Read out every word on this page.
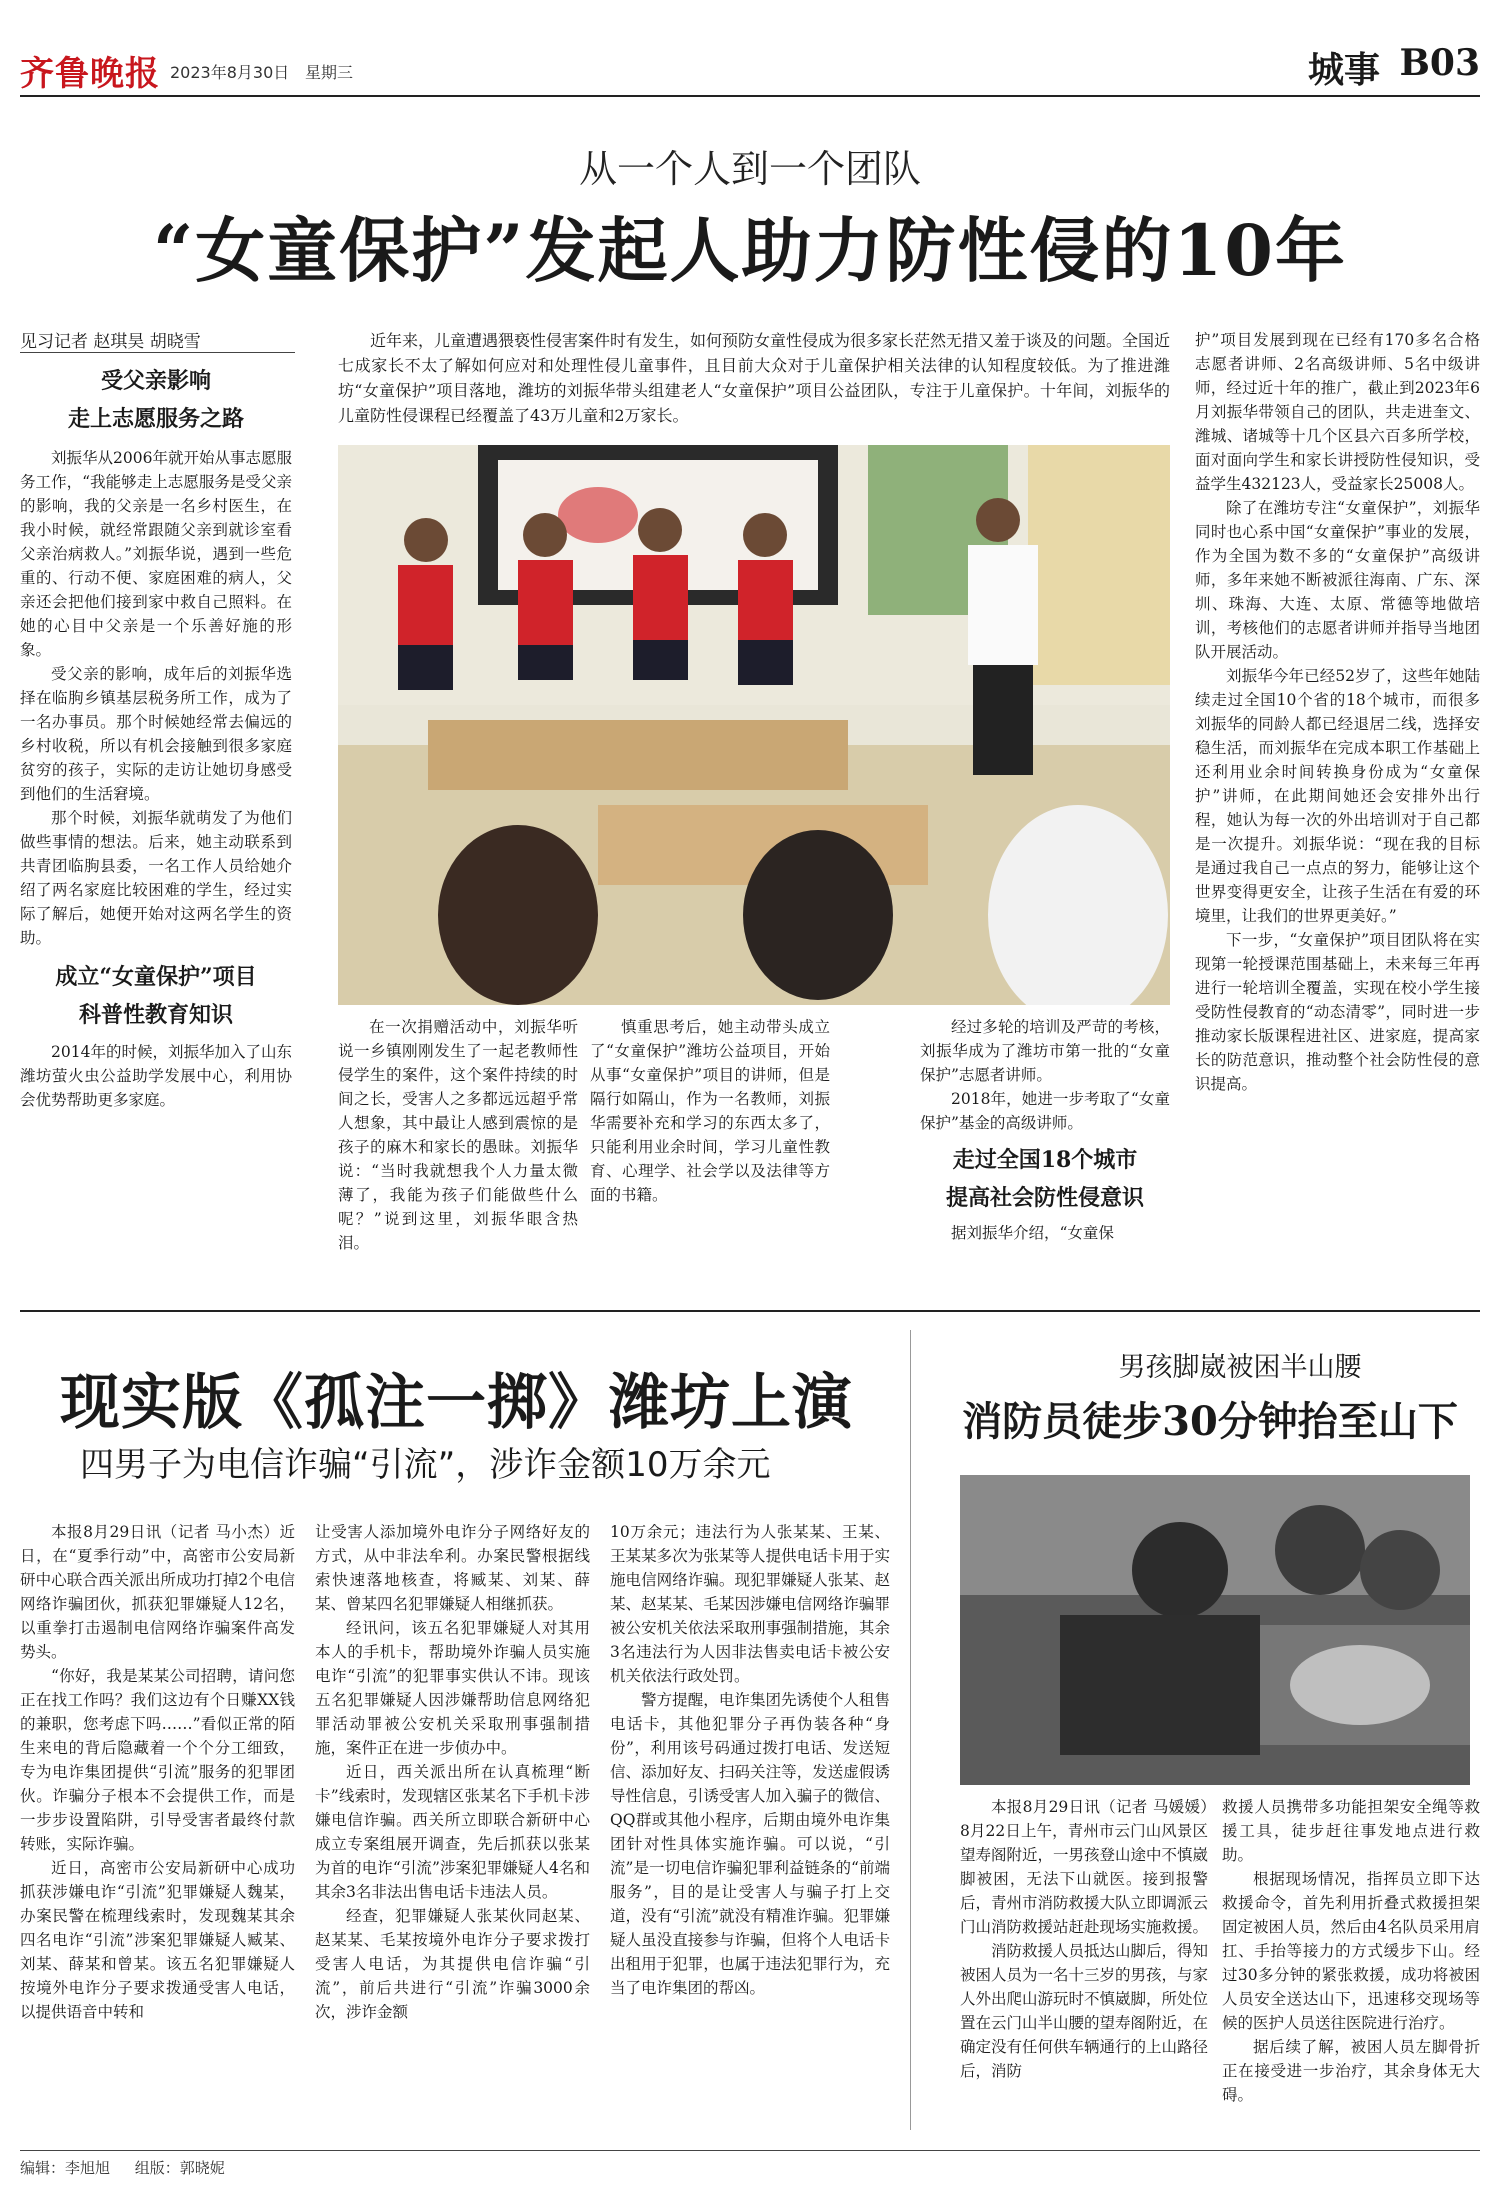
齐鲁晚报 2023年8月30日 星期三	城事 B03
从一个人到一个团队
“女童保护”发起人助力防性侵的10年
见习记者 赵琪昊 胡晓雪
受父亲影响
走上志愿服务之路

刘振华从2006年就开始从事志愿服务工作，“我能够走上志愿服务是受父亲的影响，我的父亲是一名乡村医生，在我小时候，就经常跟随父亲到就诊室看父亲治病救人。”刘振华说，遇到一些危重的、行动不便、家庭困难的病人，父亲还会把他们接到家中救自己照料。在她的心目中父亲是一个乐善好施的形象。

受父亲的影响，成年后的刘振华选择在临朐乡镇基层税务所工作，成为了一名办事员。那个时候她经常去偏远的乡村收税，所以有机会接触到很多家庭贫穷的孩子，实际的走访让她切身感受到他们的生活窘境。

那个时候，刘振华就萌发了为他们做些事情的想法。后来，她主动联系到共青团临朐县委，一名工作人员给她介绍了两名家庭比较困难的学生，经过实际了解后，她便开始对这两名学生的资助。

成立“女童保护”项目
科普性教育知识

2014年的时候，刘振华加入了山东潍坊萤火虫公益助学发展中心，利用协会优势帮助更多家庭。

近年来，儿童遭遇猥亵性侵害案件时有发生，如何预防女童性侵成为很多家长茫然无措又羞于谈及的问题。全国近七成家长不太了解如何应对和处理性侵儿童事件，且目前大众对于儿童保护相关法律的认知程度较低。为了推进潍坊“女童保护”项目落地，潍坊的刘振华带头组建老人“女童保护”项目公益团队，专注于儿童保护。十年间，刘振华的儿童防性侵课程已经覆盖了43万儿童和2万家长。

在一次捐赠活动中，刘振华听说一乡镇刚刚发生了一起老教师性侵学生的案件，这个案件持续的时间之长，受害人之多都远远超乎常人想象，其中最让人感到震惊的是孩子的麻木和家长的愚昧。刘振华说：“当时我就想我个人力量太微薄了，我能为孩子们能做些什么呢？”说到这里，刘振华眼含热泪。

慎重思考后，她主动带头成立了“女童保护”潍坊公益项目，开始从事“女童保护”项目的讲师，但是隔行如隔山，作为一名教师，刘振华需要补充和学习的东西太多了，只能利用业余时间，学习儿童性教育、心理学、社会学以及法律等方面的书籍。

经过多轮的培训及严苛的考核，刘振华成为了潍坊市第一批的“女童保护”志愿者讲师。

2018年，她进一步考取了“女童保护”基金的高级讲师。

走过全国18个城市
提高社会防性侵意识

据刘振华介绍，“女童保

护”项目发展到现在已经有170多名合格志愿者讲师、2名高级讲师、5名中级讲师，经过近十年的推广，截止到2023年6月刘振华带领自己的团队，共走进奎文、潍城、诸城等十几个区县六百多所学校，面对面向学生和家长讲授防性侵知识，受益学生432123人，受益家长25008人。

除了在潍坊专注“女童保护”，刘振华同时也心系中国“女童保护”事业的发展，作为全国为数不多的“女童保护”高级讲师，多年来她不断被派往海南、广东、深圳、珠海、大连、太原、常德等地做培训，考核他们的志愿者讲师并指导当地团队开展活动。

刘振华今年已经52岁了，这些年她陆续走过全国10个省的18个城市，而很多刘振华的同龄人都已经退居二线，选择安稳生活，而刘振华在完成本职工作基础上还利用业余时间转换身份成为“女童保护”讲师，在此期间她还会安排外出行程，她认为每一次的外出培训对于自己都是一次提升。刘振华说：“现在我的目标是通过我自己一点点的努力，能够让这个世界变得更安全，让孩子生活在有爱的环境里，让我们的世界更美好。”

下一步，“女童保护”项目团队将在实现第一轮授课范围基础上，未来每三年再进行一轮培训全覆盖，实现在校小学生接受防性侵教育的“动态清零”，同时进一步推动家长版课程进社区、进家庭，提高家长的防范意识，推动整个社会防性侵的意识提高。

现实版《孤注一掷》潍坊上演
四男子为电信诈骗“引流”，涉诈金额10万余元

本报8月29日讯（记者 马小杰）近日，在“夏季行动”中，高密市公安局新研中心联合西关派出所成功打掉2个电信网络诈骗团伙，抓获犯罪嫌疑人12名，以重拳打击遏制电信网络诈骗案件高发势头。

“你好，我是某某公司招聘，请问您正在找工作吗？我们这边有个日赚XX钱的兼职，您考虑下吗……”看似正常的陌生来电的背后隐藏着一个个分工细致，专为电诈集团提供“引流”服务的犯罪团伙。诈骗分子根本不会提供工作，而是一步步设置陷阱，引导受害者最终付款转账，实际诈骗。

近日，高密市公安局新研中心成功抓获涉嫌电诈“引流”犯罪嫌疑人魏某，办案民警在梳理线索时，发现魏某其余四名电诈“引流”涉案犯罪嫌疑人臧某、刘某、薛某和曾某。该五名犯罪嫌疑人按境外电诈分子要求拨通受害人电话，以提供语音中转和

让受害人添加境外电诈分子网络好友的方式，从中非法牟利。办案民警根据线索快速落地核查，将臧某、刘某、薛某、曾某四名犯罪嫌疑人相继抓获。

经讯问，该五名犯罪嫌疑人对其用本人的手机卡，帮助境外诈骗人员实施电诈“引流”的犯罪事实供认不讳。现该五名犯罪嫌疑人因涉嫌帮助信息网络犯罪活动罪被公安机关采取刑事强制措施，案件正在进一步侦办中。

近日，西关派出所在认真梳理“断卡”线索时，发现辖区张某名下手机卡涉嫌电信诈骗。西关所立即联合新研中心成立专案组展开调查，先后抓获以张某为首的电诈“引流”涉案犯罪嫌疑人4名和其余3名非法出售电话卡违法人员。

经查，犯罪嫌疑人张某伙同赵某、赵某某、毛某按境外电诈分子要求拨打受害人电话，为其提供电信诈骗“引流”，前后共进行“引流”诈骗3000余次，涉诈金额

10万余元；违法行为人张某某、王某、王某某多次为张某等人提供电话卡用于实施电信网络诈骗。现犯罪嫌疑人张某、赵某、赵某某、毛某因涉嫌电信网络诈骗罪被公安机关依法采取刑事强制措施，其余3名违法行为人因非法售卖电话卡被公安机关依法行政处罚。

警方提醒，电诈集团先诱使个人租售电话卡，其他犯罪分子再伪装各种“身份”，利用该号码通过拨打电话、发送短信、添加好友、扫码关注等，发送虚假诱导性信息，引诱受害人加入骗子的微信、QQ群或其他小程序，后期由境外电诈集团针对性具体实施诈骗。可以说，“引流”是一切电信诈骗犯罪利益链条的“前端服务”，目的是让受害人与骗子打上交道，没有“引流”就没有精准诈骗。犯罪嫌疑人虽没直接参与诈骗，但将个人电话卡出租用于犯罪，也属于违法犯罪行为，充当了电诈集团的帮凶。

男孩脚崴被困半山腰
消防员徒步30分钟抬至山下

本报8月29日讯（记者 马媛媛）8月22日上午，青州市云门山风景区望寿阁附近，一男孩登山途中不慎崴脚被困，无法下山就医。接到报警后，青州市消防救援大队立即调派云门山消防救援站赶赴现场实施救援。

消防救援人员抵达山脚后，得知被困人员为一名十三岁的男孩，与家人外出爬山游玩时不慎崴脚，所处位置在云门山半山腰的望寿阁附近，在确定没有任何供车辆通行的上山路径后，消防

救援人员携带多功能担架安全绳等救援工具，徒步赶往事发地点进行救助。

根据现场情况，指挥员立即下达救援命令，首先利用折叠式救援担架固定被困人员，然后由4名队员采用肩扛、手抬等接力的方式缓步下山。经过30多分钟的紧张救援，成功将被困人员安全送达山下，迅速移交现场等候的医护人员送往医院进行治疗。

据后续了解，被困人员左脚骨折正在接受进一步治疗，其余身体无大碍。

编辑：李旭旭 组版：郭晓妮
